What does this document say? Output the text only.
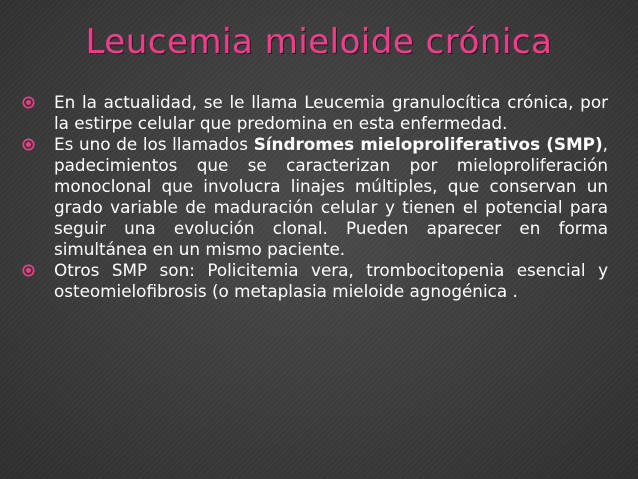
Leucemia mieloide crónica
En la actualidad, se le llama Leucemia granulocítica crónica, por la estirpe celular que predomina en esta enfermedad.
Es uno de los llamados Síndromes mieloproliferativos (SMP), padecimientos que se caracterizan por mieloproliferación monoclonal que involucra linajes múltiples, que conservan un grado variable de maduración celular y tienen el potencial para seguir una evolución clonal. Pueden aparecer en forma simultánea en un mismo paciente.
Otros SMP son: Policitemia vera, trombocitopenia esencial y osteomielofibrosis (o metaplasia mieloide agnogénica .
